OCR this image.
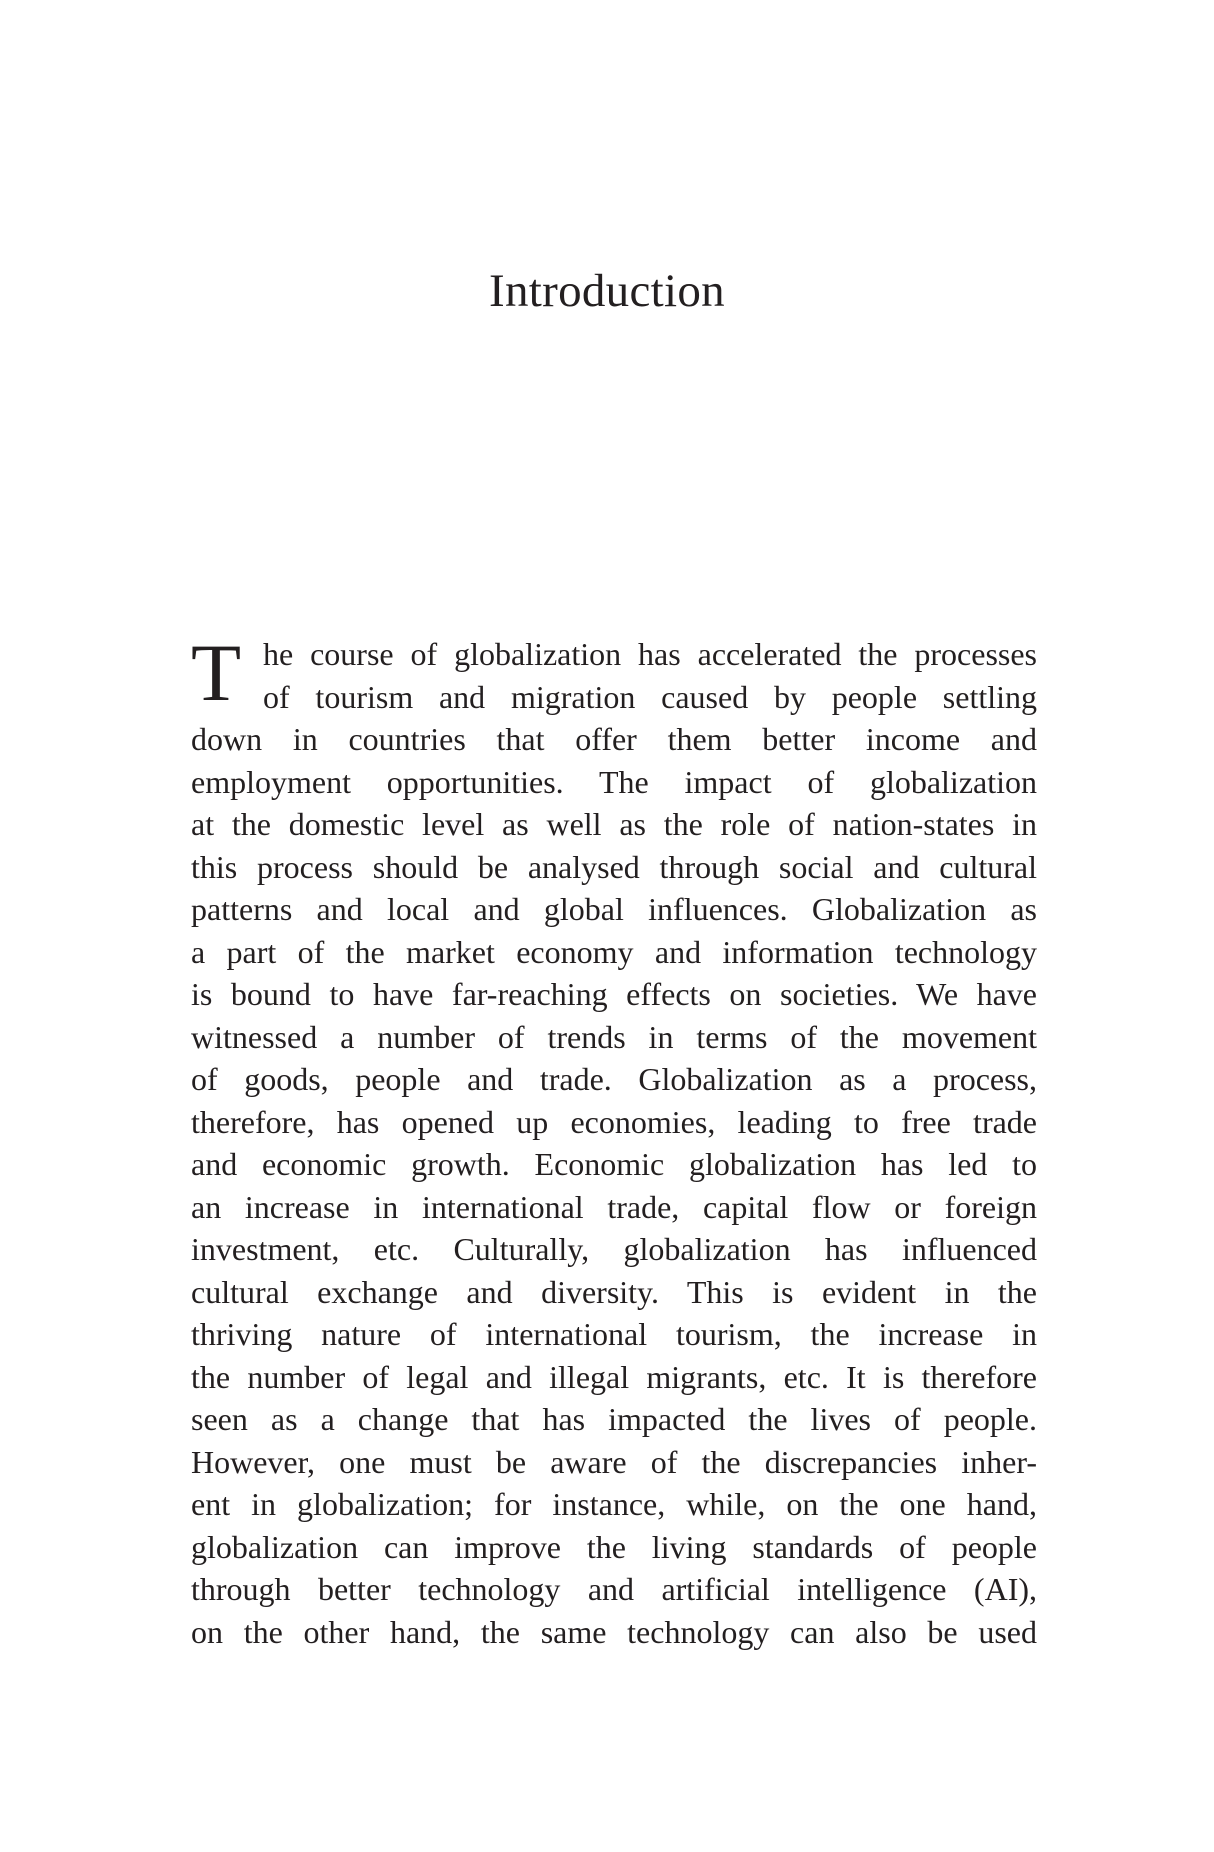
Introduction
T he course of globalization has accelerated the processes
of tourism and migration caused by people settling
down in countries that offer them better income and
employment opportunities. The impact of globalization
at the domestic level as well as the role of nation-states in
this process should be analysed through social and cultural
patterns and local and global influences. Globalization as
a part of the market economy and information technology
is bound to have far-reaching effects on societies. We have
witnessed a number of trends in terms of the movement
of goods, people and trade. Globalization as a process,
therefore, has opened up economies, leading to free trade
and economic growth. Economic globalization has led to
an increase in international trade, capital flow or foreign
investment, etc. Culturally, globalization has influenced
cultural exchange and diversity. This is evident in the
thriving nature of international tourism, the increase in
the number of legal and illegal migrants, etc. It is therefore
seen as a change that has impacted the lives of people.
However, one must be aware of the discrepancies inher-
ent in globalization; for instance, while, on the one hand,
globalization can improve the living standards of people
through better technology and artificial intelligence (AI),
on the other hand, the same technology can also be used
